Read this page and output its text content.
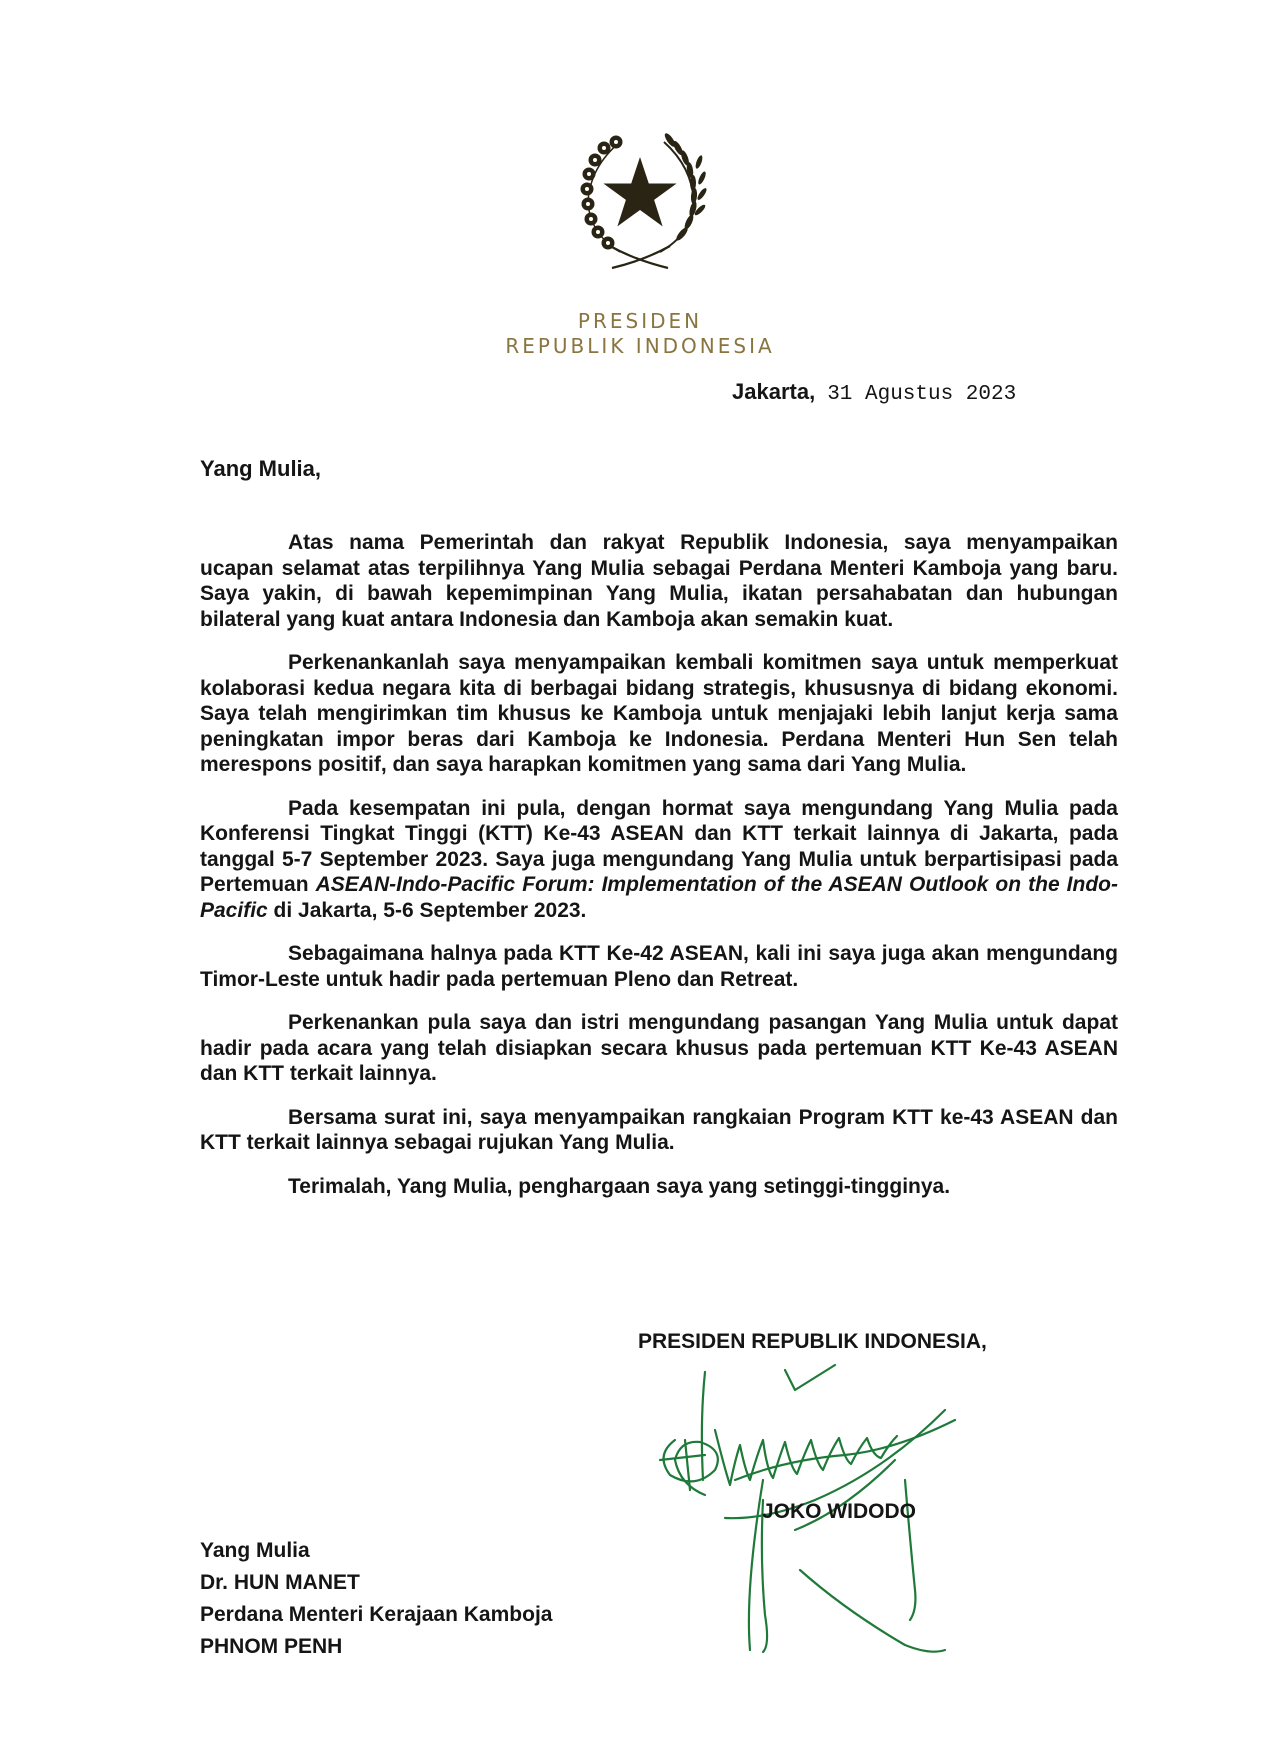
PRESIDEN
REPUBLIK INDONESIA
Jakarta, 31 Agustus 2023
Yang Mulia,

Atas nama Pemerintah dan rakyat Republik Indonesia, saya menyampaikan ucapan selamat atas terpilihnya Yang Mulia sebagai Perdana Menteri Kamboja yang baru. Saya yakin, di bawah kepemimpinan Yang Mulia, ikatan persahabatan dan hubungan bilateral yang kuat antara Indonesia dan Kamboja akan semakin kuat.

Perkenankanlah saya menyampaikan kembali komitmen saya untuk memperkuat kolaborasi kedua negara kita di berbagai bidang strategis, khususnya di bidang ekonomi. Saya telah mengirimkan tim khusus ke Kamboja untuk menjajaki lebih lanjut kerja sama peningkatan impor beras dari Kamboja ke Indonesia. Perdana Menteri Hun Sen telah merespons positif, dan saya harapkan komitmen yang sama dari Yang Mulia.

Pada kesempatan ini pula, dengan hormat saya mengundang Yang Mulia pada Konferensi Tingkat Tinggi (KTT) Ke-43 ASEAN dan KTT terkait lainnya di Jakarta, pada tanggal 5-7 September 2023. Saya juga mengundang Yang Mulia untuk berpartisipasi pada Pertemuan ASEAN-Indo-Pacific Forum: Implementation of the ASEAN Outlook on the Indo-Pacific di Jakarta, 5-6 September 2023.

Sebagaimana halnya pada KTT Ke-42 ASEAN, kali ini saya juga akan mengundang Timor-Leste untuk hadir pada pertemuan Pleno dan Retreat.

Perkenankan pula saya dan istri mengundang pasangan Yang Mulia untuk dapat hadir pada acara yang telah disiapkan secara khusus pada pertemuan KTT Ke-43 ASEAN dan KTT terkait lainnya.

Bersama surat ini, saya menyampaikan rangkaian Program KTT ke-43 ASEAN dan KTT terkait lainnya sebagai rujukan Yang Mulia.

Terimalah, Yang Mulia, penghargaan saya yang setinggi-tingginya.

PRESIDEN REPUBLIK INDONESIA,
JOKO WIDODO
Yang Mulia
Dr. HUN MANET
Perdana Menteri Kerajaan Kamboja
PHNOM PENH
